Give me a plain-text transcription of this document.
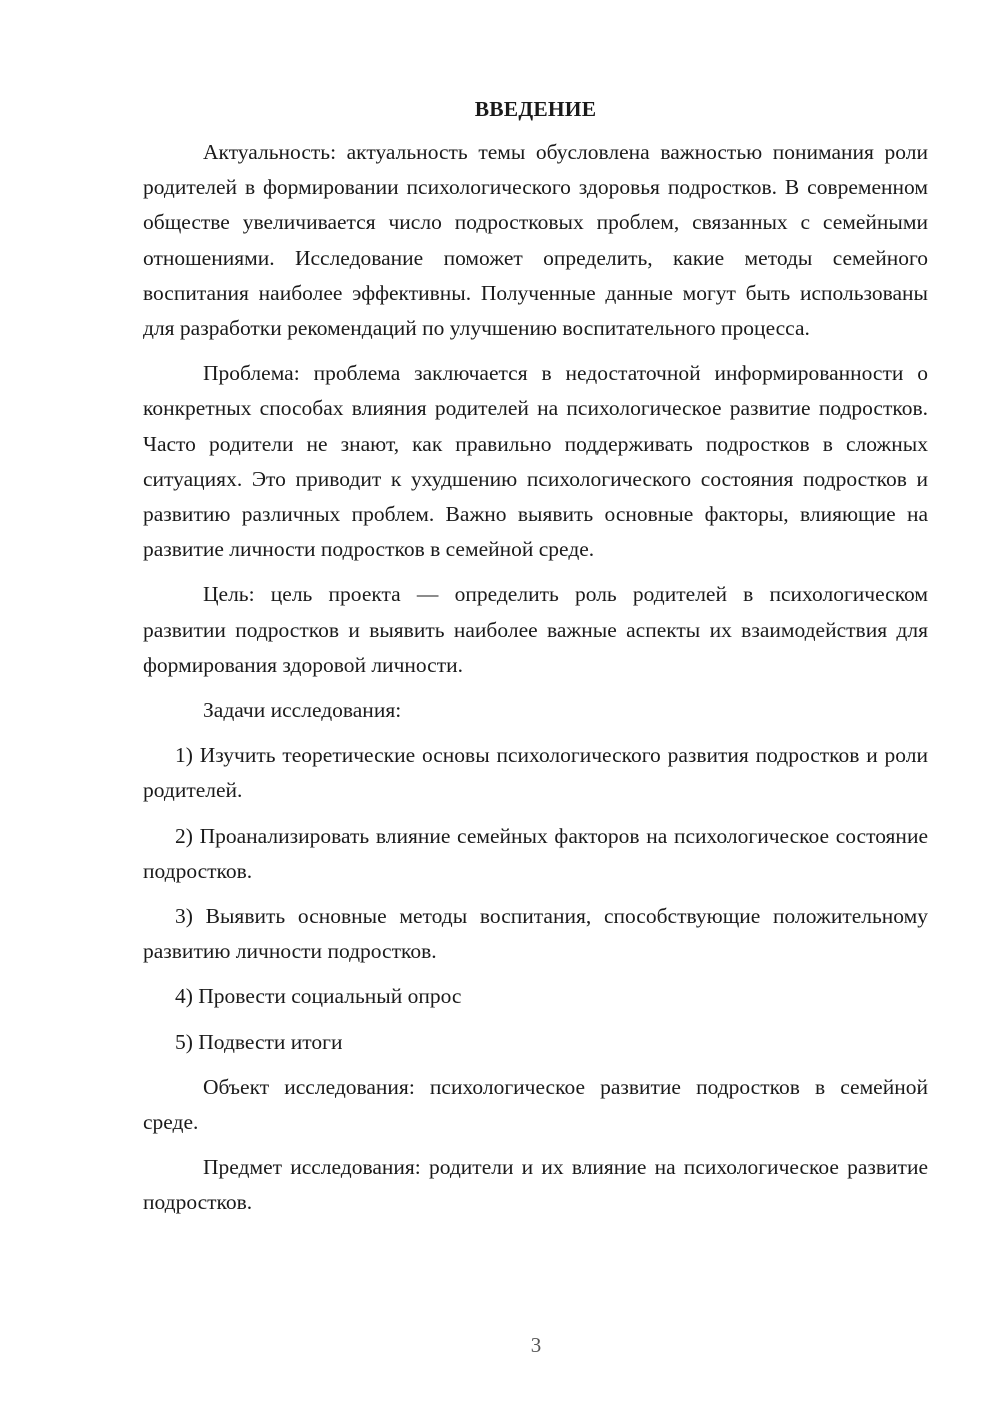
ВВЕДЕНИЕ

Актуальность: актуальность темы обусловлена важностью понимания роли родителей в формировании психологического здоровья подростков. В современном обществе увеличивается число подростковых проблем, связанных с семейными отношениями. Исследование поможет определить, какие методы семейного воспитания наиболее эффективны. Полученные данные могут быть использованы для разработки рекомендаций по улучшению воспитательного процесса.

Проблема: проблема заключается в недостаточной информированности о конкретных способах влияния родителей на психологическое развитие подростков. Часто родители не знают, как правильно поддерживать подростков в сложных ситуациях. Это приводит к ухудшению психологического состояния подростков и развитию различных проблем. Важно выявить основные факторы, влияющие на развитие личности подростков в семейной среде.

Цель: цель проекта — определить роль родителей в психологическом развитии подростков и выявить наиболее важные аспекты их взаимодействия для формирования здоровой личности.

Задачи исследования:

1) Изучить теоретические основы психологического развития подростков и роли родителей.

2) Проанализировать влияние семейных факторов на психологическое состояние подростков.

3) Выявить основные методы воспитания, способствующие положительному развитию личности подростков.

4) Провести социальный опрос

5) Подвести итоги

Объект исследования: психологическое развитие подростков в семейной среде.

Предмет исследования: родители и их влияние на психологическое развитие подростков.

3
